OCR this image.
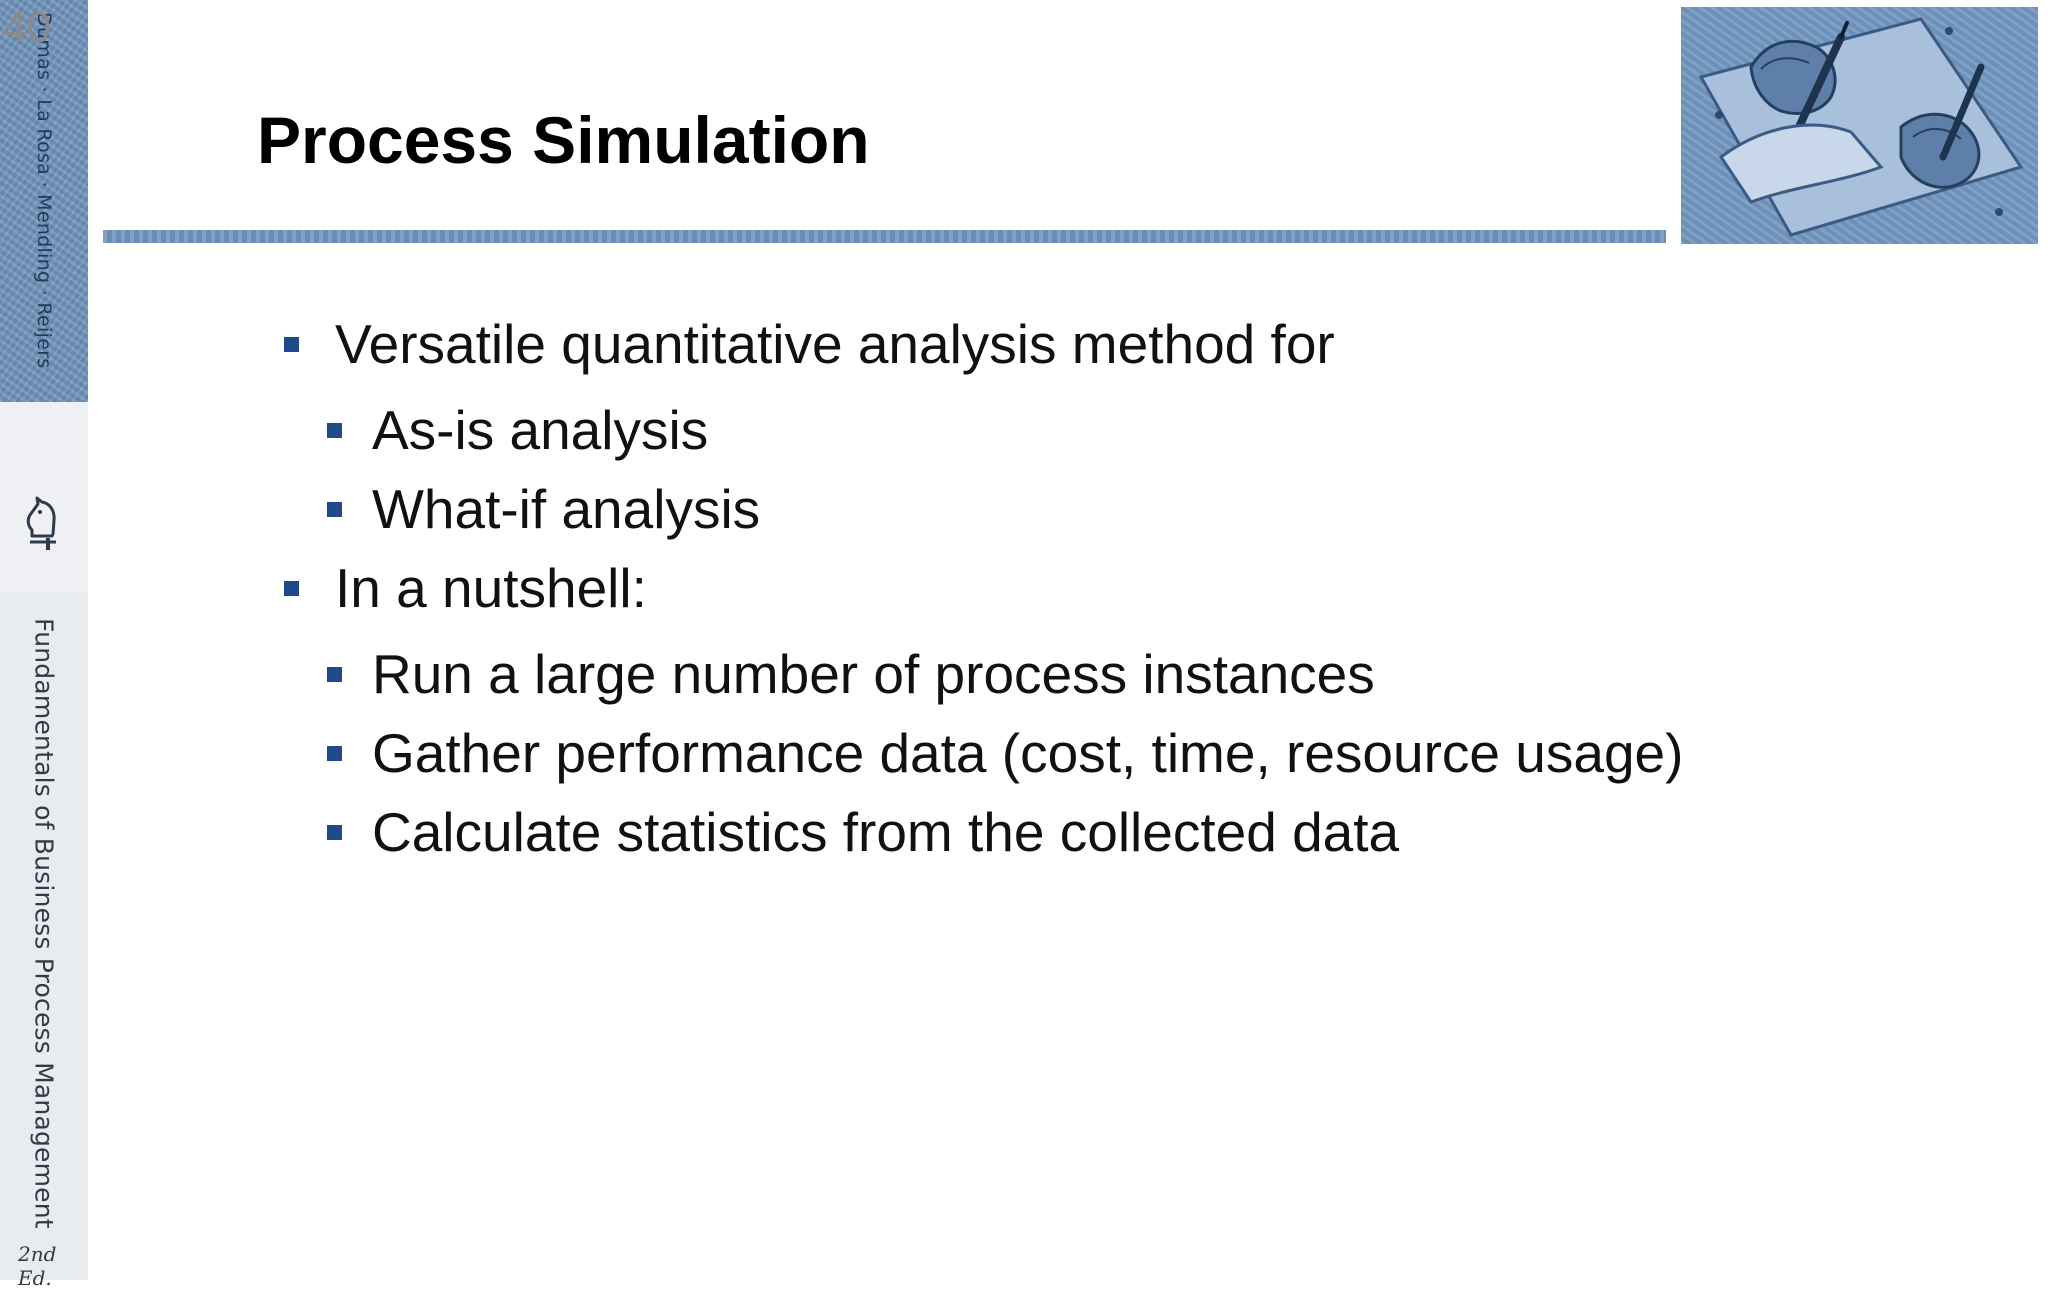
Dumas · La Rosa · Mendling · Reijers
40
Fundamentals of Business Process Management
2nd Ed.
Process Simulation
Versatile quantitative analysis method for
As-is analysis
What-if analysis
In a nutshell:
Run a large number of process instances
Gather performance data (cost, time, resource usage)
Calculate statistics from the collected data
